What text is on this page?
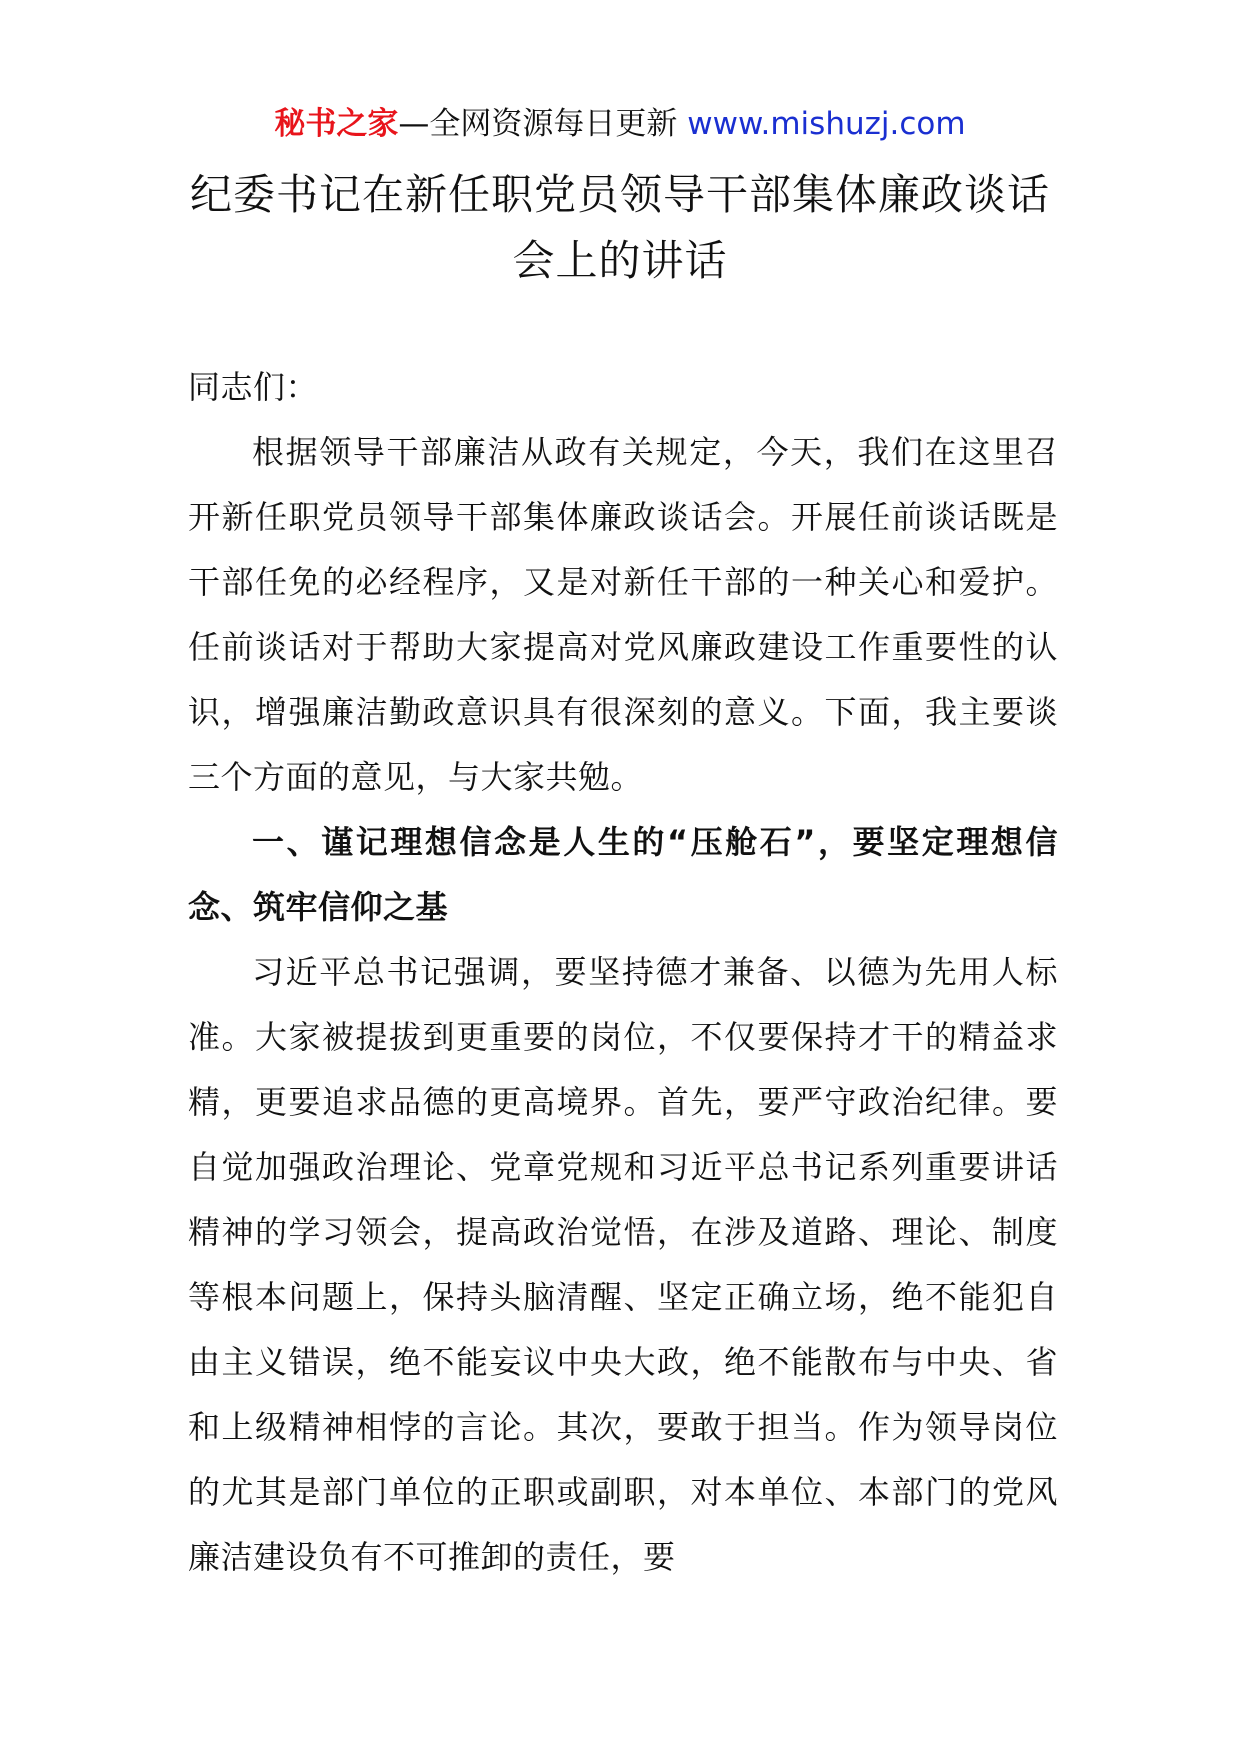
秘书之家—全网资源每日更新 www.mishuzj.com
纪委书记在新任职党员领导干部集体廉政谈话
会上的讲话

同志们：

根据领导干部廉洁从政有关规定，今天，我们在这里召开新任职党员领导干部集体廉政谈话会。开展任前谈话既是干部任免的必经程序，又是对新任干部的一种关心和爱护。任前谈话对于帮助大家提高对党风廉政建设工作重要性的认识，增强廉洁勤政意识具有很深刻的意义。下面，我主要谈三个方面的意见，与大家共勉。

一、谨记理想信念是人生的“压舱石”，要坚定理想信念、筑牢信仰之基

习近平总书记强调，要坚持德才兼备、以德为先用人标准。大家被提拔到更重要的岗位，不仅要保持才干的精益求精，更要追求品德的更高境界。首先，要严守政治纪律。要自觉加强政治理论、党章党规和习近平总书记系列重要讲话精神的学习领会，提高政治觉悟，在涉及道路、理论、制度等根本问题上，保持头脑清醒、坚定正确立场，绝不能犯自由主义错误，绝不能妄议中央大政，绝不能散布与中央、省和上级精神相悖的言论。其次，要敢于担当。作为领导岗位的尤其是部门单位的正职或副职，对本单位、本部门的党风廉洁建设负有不可推卸的责任，要
